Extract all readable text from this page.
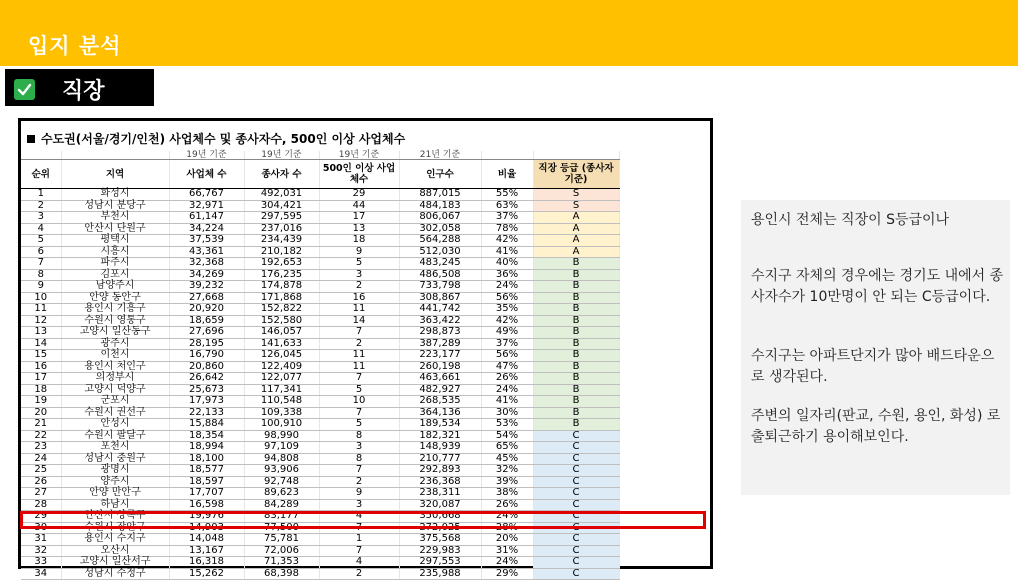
입지 분석
직장
수도권(서울/경기/인천) 사업체수 및 종사자수, 500인 이상 사업체수
		19년 기준	19년 기준	19년 기준	21년 기준		
순위	지역	사업체 수	종사자 수	500인 이상 사업체수	인구수	비율	직장 등급 (종사자 기준)
1	화성시	66,767	492,031	29	887,015	55%	S
2	성남시 분당구	32,971	304,421	44	484,183	63%	S
3	부천시	61,147	297,595	17	806,067	37%	A
4	안산시 단원구	34,224	237,016	13	302,058	78%	A
5	평택시	37,539	234,439	18	564,288	42%	A
6	시흥시	43,361	210,182	9	512,030	41%	A
7	파주시	32,368	192,653	5	483,245	40%	B
8	김포시	34,269	176,235	3	486,508	36%	B
9	남양주시	39,232	174,878	2	733,798	24%	B
10	안양 동안구	27,668	171,868	16	308,867	56%	B
11	용인시 기흥구	20,920	152,822	11	441,742	35%	B
12	수원시 영통구	18,659	152,580	14	363,422	42%	B
13	고양시 일산동구	27,696	146,057	7	298,873	49%	B
14	광주시	28,195	141,633	2	387,289	37%	B
15	이천시	16,790	126,045	11	223,177	56%	B
16	용인시 처인구	20,860	122,409	11	260,198	47%	B
17	의정부시	26,642	122,077	7	463,661	26%	B
18	고양시 덕양구	25,673	117,341	5	482,927	24%	B
19	군포시	17,973	110,548	10	268,535	41%	B
20	수원시 권선구	22,133	109,338	7	364,136	30%	B
21	안성시	15,884	100,910	5	189,534	53%	B
22	수원시 팔달구	18,354	98,990	8	182,321	54%	C
23	포천시	18,994	97,109	3	148,939	65%	C
24	성남시 중원구	18,100	94,808	8	210,777	45%	C
25	광명시	18,577	93,906	7	292,893	32%	C
26	양주시	18,597	92,748	2	236,368	39%	C
27	안양 만안구	17,707	89,623	9	238,311	38%	C
28	하남시	16,598	84,289	3	320,087	26%	C
29	안산시 상록구	19,976	83,177	4	350,668	24%	C
30	수원시 장안구	14,903	77,500	7	272,025	28%	C
31	용인시 수지구	14,048	75,781	1	375,568	20%	C
32	오산시	13,167	72,006	7	229,983	31%	C
33	고양시 일산서구	16,318	71,353	4	297,553	24%	C
34	성남시 수정구	15,262	68,398	2	235,988	29%	C

용인시 전체는 직장이 S등급이나

수지구 자체의 경우에는 경기도 내에서 종사자수가 10만명이 안 되는 C등급이다.

수지구는 아파트단지가 많아 배드타운으로 생각된다.

주변의 일자리(판교, 수원, 용인, 화성) 로 출퇴근하기 용이해보인다.
